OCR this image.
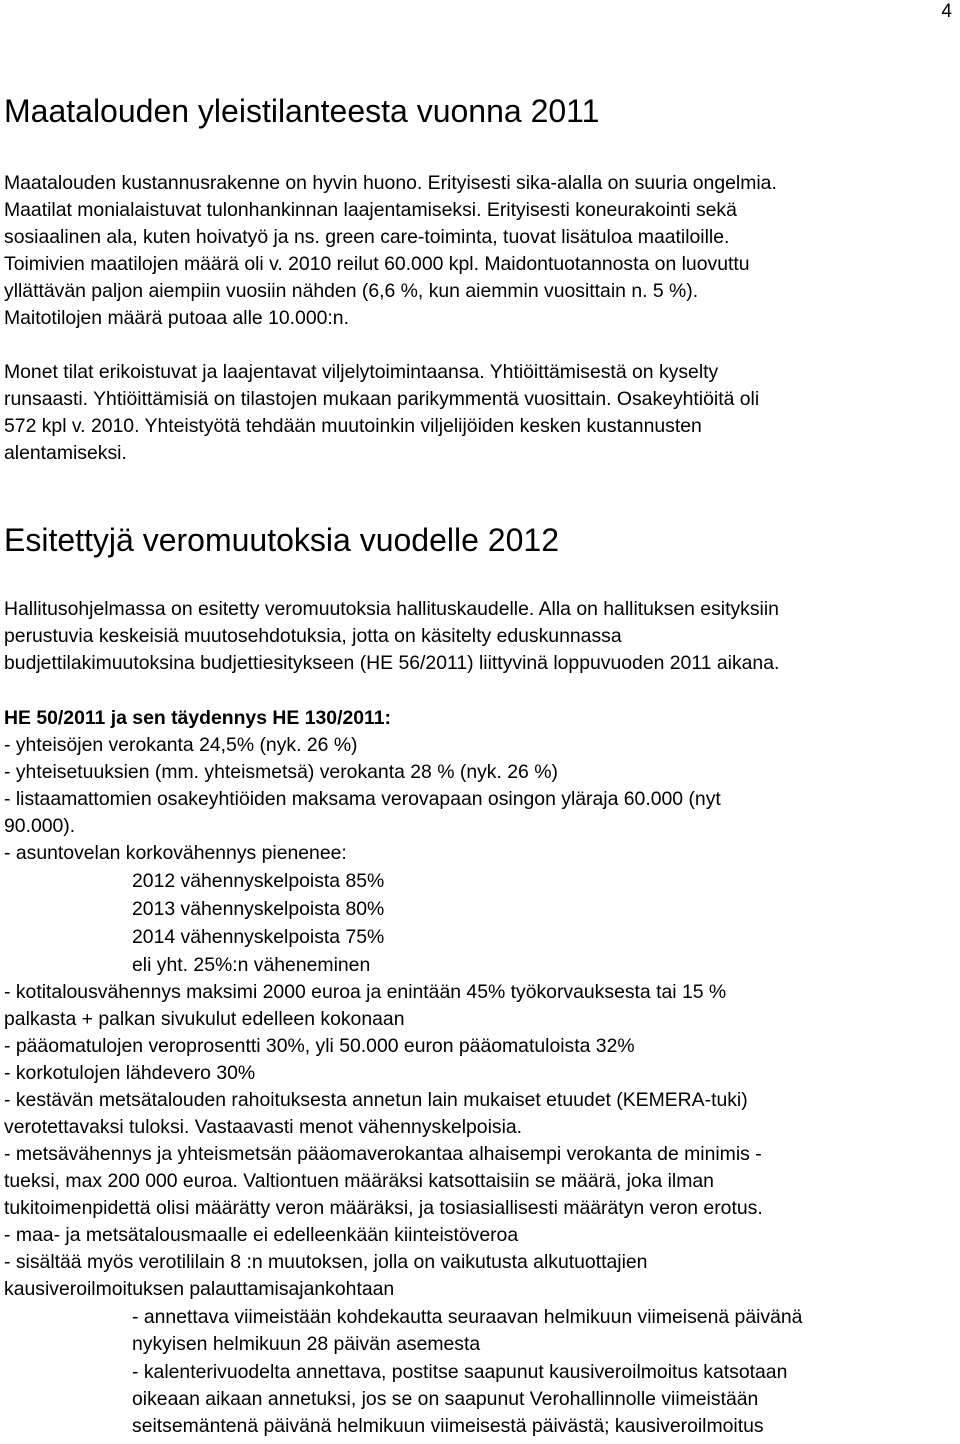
4
Maatalouden yleistilanteesta vuonna 2011
Maatalouden kustannusrakenne on hyvin huono. Erityisesti sika-alalla on suuria ongelmia.
Maatilat monialaistuvat tulonhankinnan laajentamiseksi. Erityisesti koneurakointi sekä
sosiaalinen ala, kuten hoivatyö ja ns. green care-toiminta, tuovat lisätuloa maatiloille.
Toimivien maatilojen määrä oli v. 2010 reilut 60.000 kpl. Maidontuotannosta on luovuttu
yllättävän paljon aiempiin vuosiin nähden (6,6 %, kun aiemmin vuosittain n. 5 %).
Maitotilojen määrä putoaa alle 10.000:n.
Monet tilat erikoistuvat ja laajentavat viljelytoimintaansa. Yhtiöittämisestä on kyselty
runsaasti. Yhtiöittämisiä on tilastojen mukaan parikymmentä vuosittain. Osakeyhtiöitä oli
572 kpl v. 2010. Yhteistyötä tehdään muutoinkin viljelijöiden kesken kustannusten
alentamiseksi.
Esitettyjä veromuutoksia vuodelle 2012
Hallitusohjelmassa on esitetty veromuutoksia hallituskaudelle. Alla on hallituksen esityksiin
perustuvia keskeisiä muutosehdotuksia, jotta on käsitelty eduskunnassa
budjettilakimuutoksina budjettiesitykseen (HE 56/2011) liittyvinä loppuvuoden 2011 aikana.
HE 50/2011 ja sen täydennys HE 130/2011:
- yhteisöjen verokanta 24,5% (nyk. 26 %)
- yhteisetuuksien (mm. yhteismetsä) verokanta 28 % (nyk. 26 %)
- listaamattomien osakeyhtiöiden maksama verovapaan osingon yläraja 60.000 (nyt
90.000).
- asuntovelan korkovähennys pienenee:
2012 vähennyskelpoista 85%
2013 vähennyskelpoista 80%
2014 vähennyskelpoista 75%
eli yht. 25%:n väheneminen
- kotitalousvähennys maksimi 2000 euroa ja enintään 45% työkorvauksesta tai 15 %
palkasta + palkan sivukulut edelleen kokonaan
- pääomatulojen veroprosentti 30%, yli 50.000 euron pääomatuloista 32%
- korkotulojen lähdevero 30%
- kestävän metsätalouden rahoituksesta annetun lain mukaiset etuudet (KEMERA-tuki)
verotettavaksi tuloksi. Vastaavasti menot vähennyskelpoisia.
- metsävähennys ja yhteismetsän pääomaverokantaa alhaisempi verokanta de minimis -
tueksi, max 200 000 euroa. Valtiontuen määräksi katsottaisiin se määrä, joka ilman
tukitoimenpidettä olisi määrätty veron määräksi, ja tosiasiallisesti määrätyn veron erotus.
- maa- ja metsätalousmaalle ei edelleenkään kiinteistöveroa
- sisältää myös verotililain 8 :n muutoksen, jolla on vaikutusta alkutuottajien
kausiveroilmoituksen palauttamisajankohtaan
- annettava viimeistään kohdekautta seuraavan helmikuun viimeisenä päivänä
nykyisen helmikuun 28 päivän asemesta
- kalenterivuodelta annettava, postitse saapunut kausiveroilmoitus katsotaan
oikeaan aikaan annetuksi, jos se on saapunut Verohallinnolle viimeistään
seitsemäntenä päivänä helmikuun viimeisestä päivästä; kausiveroilmoitus
